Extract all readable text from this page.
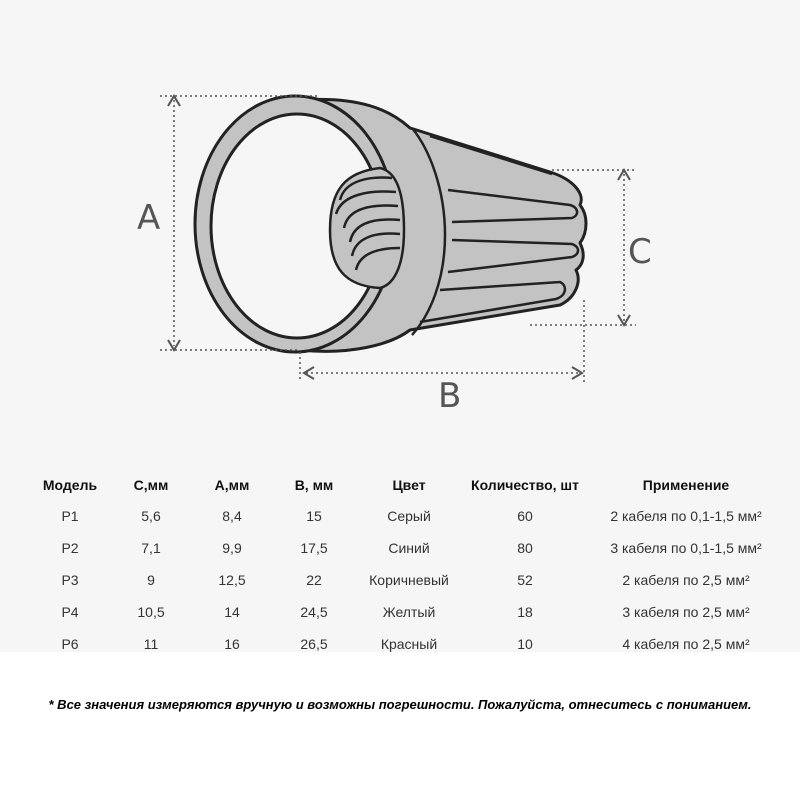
A
B
C
Модель	C,мм	A,мм	B, мм	Цвет	Количество, шт	Применение
P1	5,6	8,4	15	Серый	60	2 кабеля по 0,1-1,5 мм²
P2	7,1	9,9	17,5	Синий	80	3 кабеля по 0,1-1,5 мм²
P3	9	12,5	22	Коричневый	52	2 кабеля по 2,5 мм²
P4	10,5	14	24,5	Желтый	18	3 кабеля по 2,5 мм²
P6	11	16	26,5	Красный	10	4 кабеля по 2,5 мм²
* Все значения измеряются вручную и возможны погрешности. Пожалуйста, отнеситесь с пониманием.
